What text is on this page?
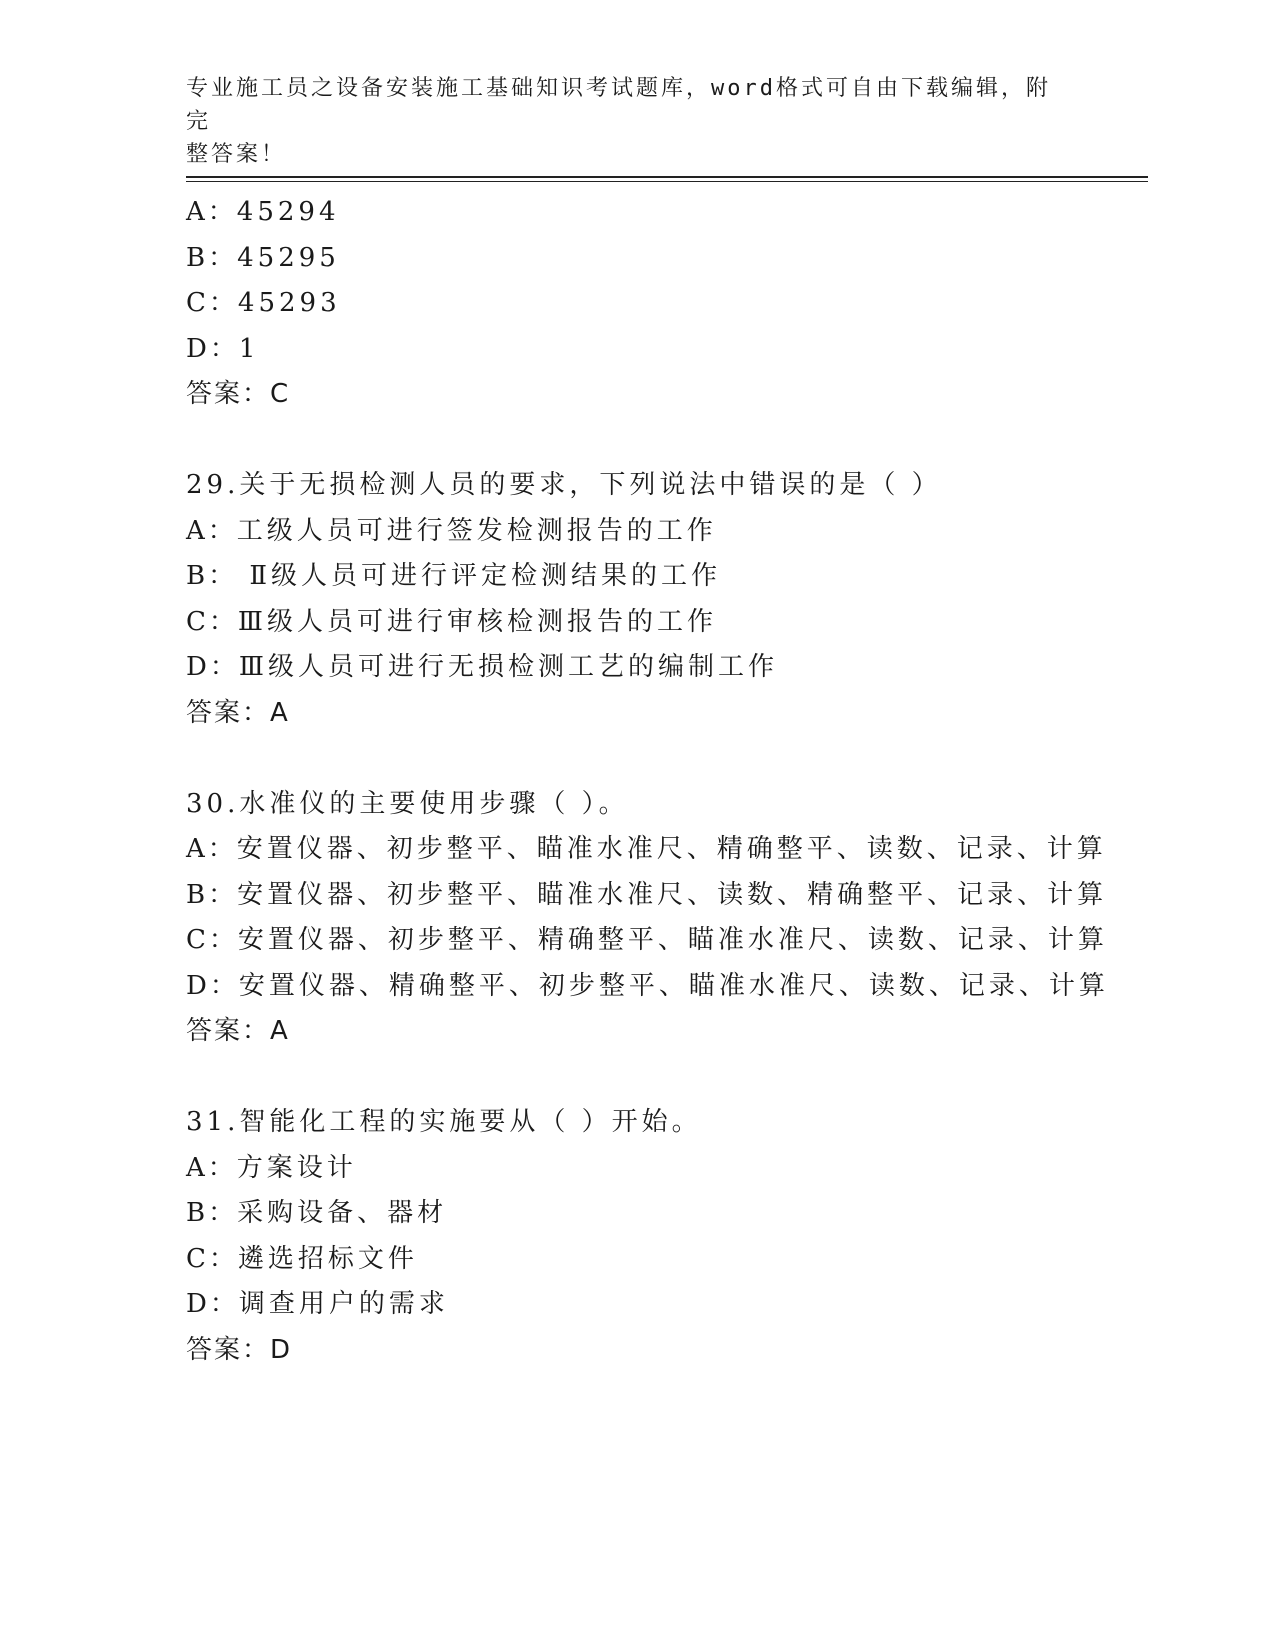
专业施工员之设备安装施工基础知识考试题库，word格式可自由下载编辑，附完
整答案！
A：45294
B：45295
C：45293
D：1
答案：C
29.关于无损检测人员的要求，下列说法中错误的是（ ）
A：工级人员可进行签发检测报告的工作
B： Ⅱ级人员可进行评定检测结果的工作
C：Ⅲ级人员可进行审核检测报告的工作
D：Ⅲ级人员可进行无损检测工艺的编制工作
答案：A
30.水准仪的主要使用步骤（ ）。
A：安置仪器、初步整平、瞄准水准尺、精确整平、读数、记录、计算
B：安置仪器、初步整平、瞄准水准尺、读数、精确整平、记录、计算
C：安置仪器、初步整平、精确整平、瞄准水准尺、读数、记录、计算
D：安置仪器、精确整平、初步整平、瞄准水准尺、读数、记录、计算
答案：A
31.智能化工程的实施要从（ ）开始。
A：方案设计
B：采购设备、器材
C：遴选招标文件
D：调查用户的需求
答案：D
